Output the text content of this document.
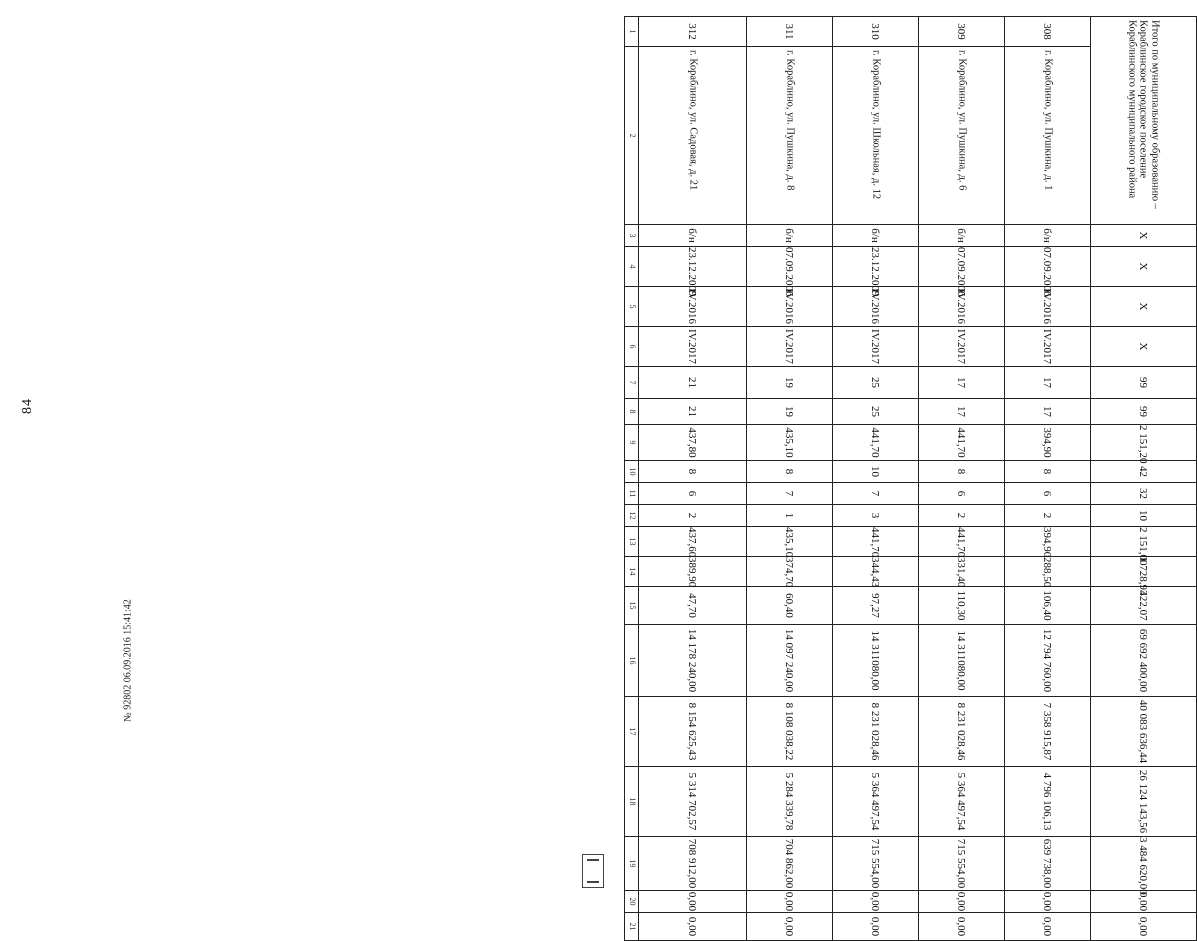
84
№ 92802 06.09.2016 15:41:42
1	2	3	4	5	6	7	8	9	10	11	12	13	14	15	16	17	18	19	20	21

312	г. Кораблино, ул. Садовая, д. 21	б/н	23.12.2009	IV.2016	IV.2017	21	21	437,80	8	6	2	437,60	389,90	47,70	14 178 240,00	8 154 625,43	5 314 702,57	708 912,00	0,00	0,00

311	г. Кораблино, ул. Пушкина, д. 8	б/н	07.09.2006	IV.2016	IV.2017	19	19	435,10	8	7	1	435,10	374,70	60,40	14 097 240,00	8 108 038,22	5 284 339,78	704 862,00	0,00	0,00

310	г. Кораблино, ул. Школьная, д. 12	б/н	23.12.2009	IV.2016	IV.2017	25	25	441,70	10	7	3	441,70	344,43	97,27	14 311080,00	8 231 028,46	5 364 497,54	715 554,00	0,00	0,00

309	г. Кораблино, ул. Пушкина, д. 6	б/н	07.09.2006	IV.2016	IV.2017	17	17	441,70	8	6	2	441,70	331,40	110,30	14 311080,00	8 231 028,46	5 364 497,54	715 554,00	0,00	0,00

308	г. Кораблино, ул. Пушкина, д. 1	б/н	07.09.2006	IV.2016	IV.2017	17	17	394,90	8	6	2	394,90	288,50	106,40	12 794 760,00	7 358 915,87	4 796 106,13	639 738,00	0,00	0,00

Итого по муниципальному образованию – Кораблинское городское поселение Кораблинского муниципального района		X	X	X	X	99	99	2 151,20	42	32	10	2 151,00	1 728,93	422,07	69 692 400,00	40 083 636,44	26 124 143,56	3 484 620,00	0,00	0,00
